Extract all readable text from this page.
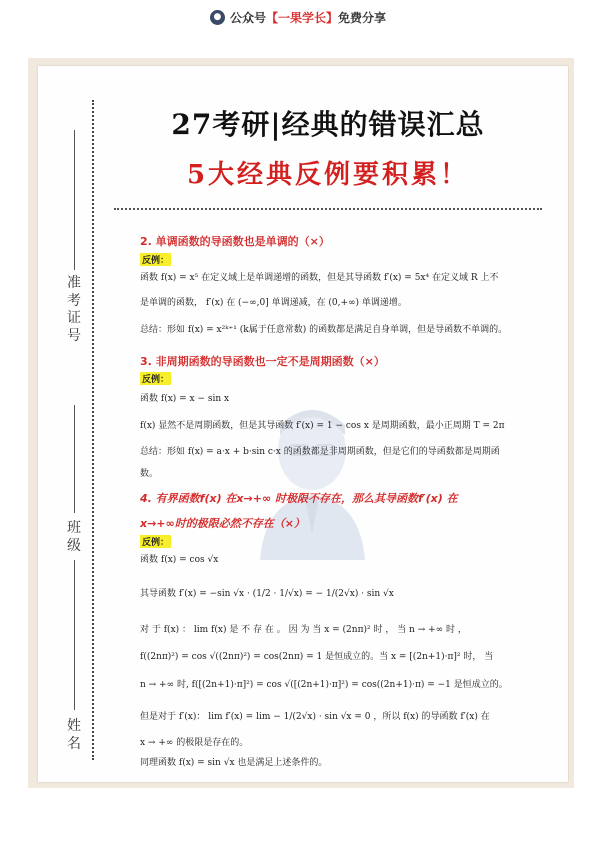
● 公众号【一果学长】免费分享
姓 名
班 级
准 考 证 号
27考研|经典的错误汇总
5大经典反例要积累！
2. 单调函数的导函数也是单调的（×）
反例：
函数 f(x) = x⁵ 在定义域上是单调递增的函数，但是其导函数 f′(x) = 5x⁴ 在定义域 R 上不
是单调的函数， f′(x) 在 (−∞,0] 单调递减，在 (0,+∞) 单调递增。
总结：形如 f(x) = x²ᵏ⁺¹ (k属于任意常数) 的函数都是满足自身单调，但是导函数不单调的。
3. 非周期函数的导函数也一定不是周期函数（×）
反例：
函数 f(x) = x − sin x
f(x) 显然不是周期函数，但是其导函数 f′(x) = 1 − cos x 是周期函数，最小正周期 T = 2π
总结：形如 f(x) = a·x + b·sin c·x 的函数都是非周期函数，但是它们的导函数都是周期函
数。
4. 有界函数f(x) 在x→+∞ 时极限不存在，那么其导函数f′(x) 在
x→+∞时的极限必然不存在（×）
反例：
函数 f(x) = cos √x
其导函数 f′(x) = −sin √x · (1/2 · 1/√x) = − 1/(2√x) · sin √x
对 于 f(x) ： lim f(x) 是 不 存 在 。 因 为 当 x = (2nπ)² 时 ， 当 n → +∞ 时 ，
f((2nπ)²) = cos √((2nπ)²) = cos(2nπ) = 1 是恒成立的。当 x = [(2n+1)·π]² 时， 当
n → +∞ 时, f([(2n+1)·π]²) = cos √([(2n+1)·π]²) = cos((2n+1)·π) = −1 是恒成立的。
但是对于 f′(x)： lim f′(x) = lim − 1/(2√x) · sin √x = 0 ，所以 f(x) 的导函数 f′(x) 在
x → +∞ 的极限是存在的。
同理函数 f(x) = sin √x 也是满足上述条件的。
